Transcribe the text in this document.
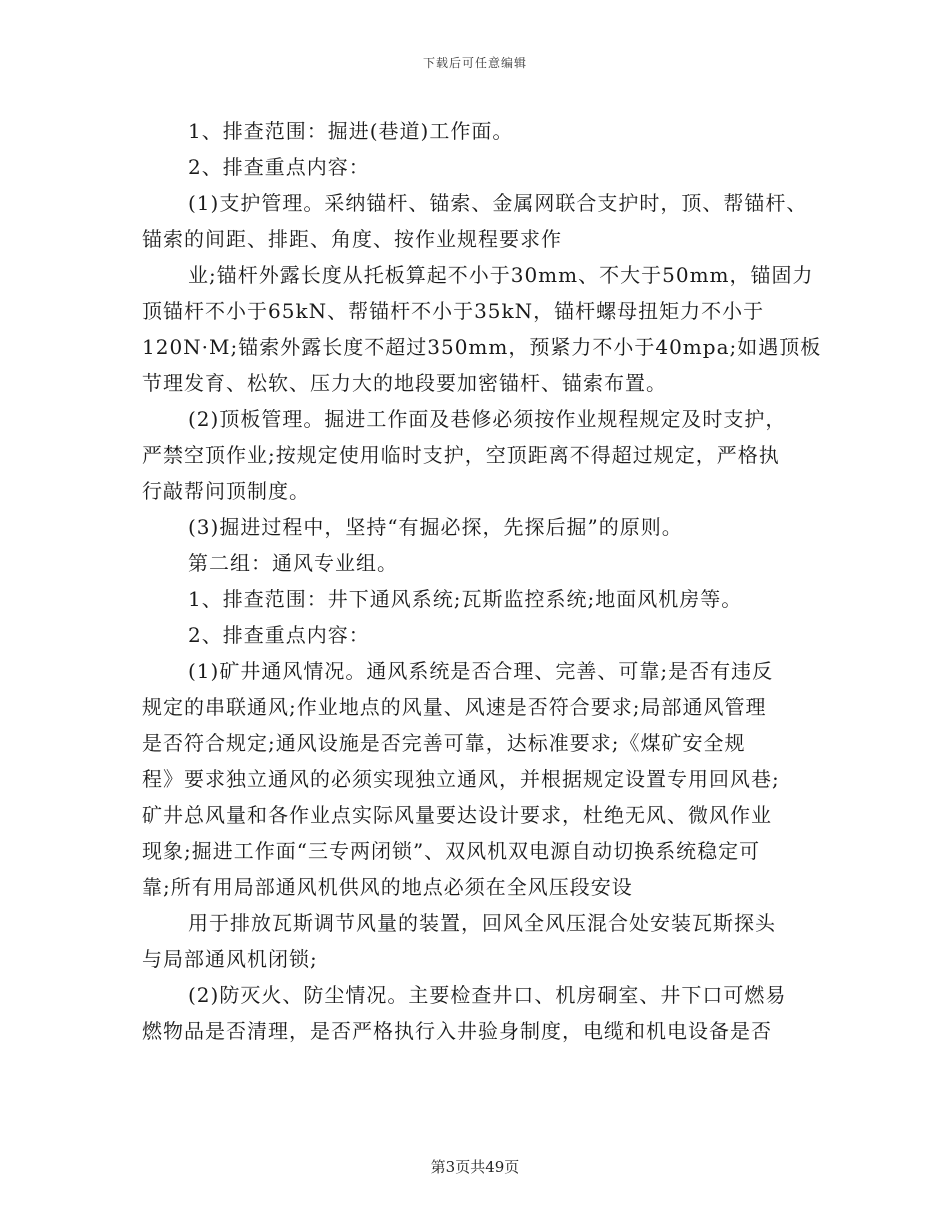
下载后可任意编辑
1、排查范围：掘进(巷道)工作面。
2、排查重点内容：
(1)支护管理。采纳锚杆、锚索、金属网联合支护时，顶、帮锚杆、
锚索的间距、排距、角度、按作业规程要求作
业;锚杆外露长度从托板算起不小于30mm、不大于50mm，锚固力
顶锚杆不小于65kN、帮锚杆不小于35kN，锚杆螺母扭矩力不小于
120N·M;锚索外露长度不超过350mm，预紧力不小于40mpa;如遇顶板
节理发育、松软、压力大的地段要加密锚杆、锚索布置。
(2)顶板管理。掘进工作面及巷修必须按作业规程规定及时支护，
严禁空顶作业;按规定使用临时支护，空顶距离不得超过规定，严格执
行敲帮问顶制度。
(3)掘进过程中，坚持“有掘必探，先探后掘”的原则。
第二组：通风专业组。
1、排查范围：井下通风系统;瓦斯监控系统;地面风机房等。
2、排查重点内容：
(1)矿井通风情况。通风系统是否合理、完善、可靠;是否有违反
规定的串联通风;作业地点的风量、风速是否符合要求;局部通风管理
是否符合规定;通风设施是否完善可靠，达标准要求;《煤矿安全规
程》要求独立通风的必须实现独立通风，并根据规定设置专用回风巷;
矿井总风量和各作业点实际风量要达设计要求，杜绝无风、微风作业
现象;掘进工作面“三专两闭锁”、双风机双电源自动切换系统稳定可
靠;所有用局部通风机供风的地点必须在全风压段安设
用于排放瓦斯调节风量的装置，回风全风压混合处安装瓦斯探头
与局部通风机闭锁;
(2)防灭火、防尘情况。主要检查井口、机房硐室、井下口可燃易
燃物品是否清理，是否严格执行入井验身制度，电缆和机电设备是否
第3页共49页
